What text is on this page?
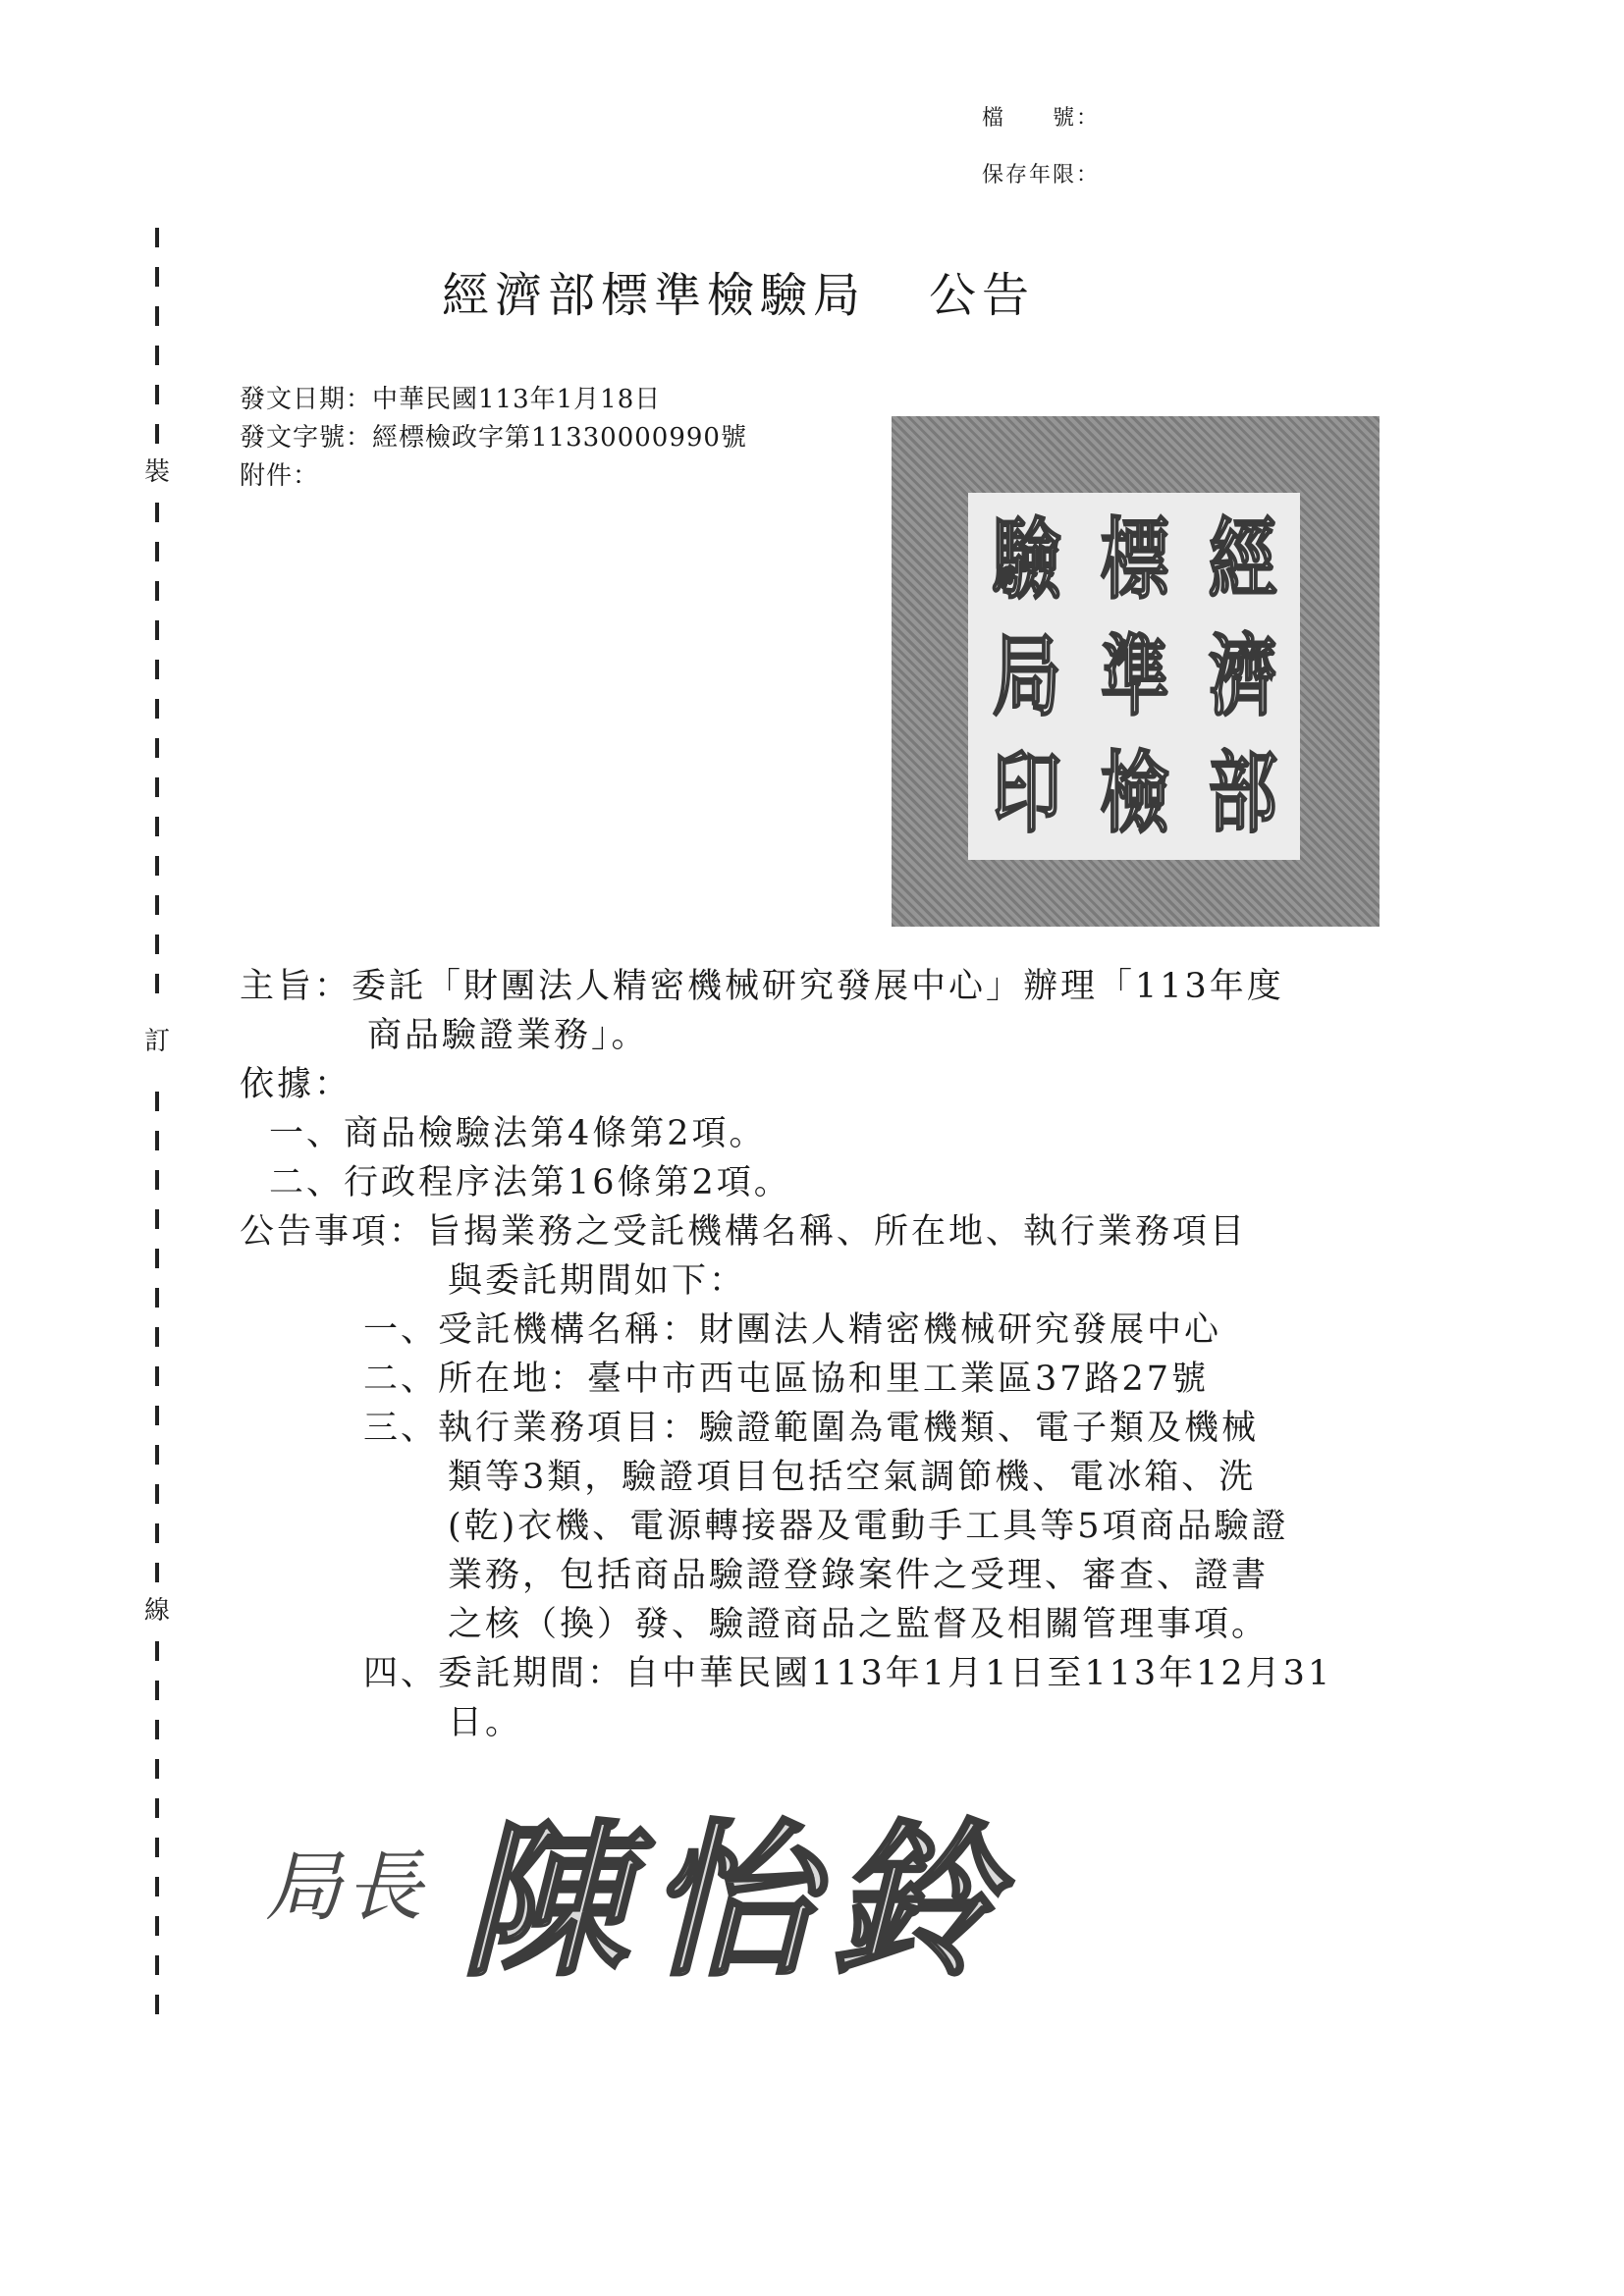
檔　　號：
保存年限：
裝
訂
線
經濟部標準檢驗局 公告
發文日期：中華民國113年1月18日
發文字號：經標檢政字第11330000990號
附件：
經
濟
部
標
準
檢
驗
局
印
主旨：委託「財團法人精密機械研究發展中心」辦理「113年度
商品驗證業務」。
依據：
一、商品檢驗法第4條第2項。
二、行政程序法第16條第2項。
公告事項：旨揭業務之受託機構名稱、所在地、執行業務項目
與委託期間如下：
一、受託機構名稱：財團法人精密機械研究發展中心
二、所在地：臺中市西屯區協和里工業區37路27號
三、執行業務項目：驗證範圍為電機類、電子類及機械
類等3類，驗證項目包括空氣調節機、電冰箱、洗
(乾)衣機、電源轉接器及電動手工具等5項商品驗證
業務，包括商品驗證登錄案件之受理、審查、證書
之核（換）發、驗證商品之監督及相關管理事項。
四、委託期間：自中華民國113年1月1日至113年12月31
日。
局長 陳怡鈴
